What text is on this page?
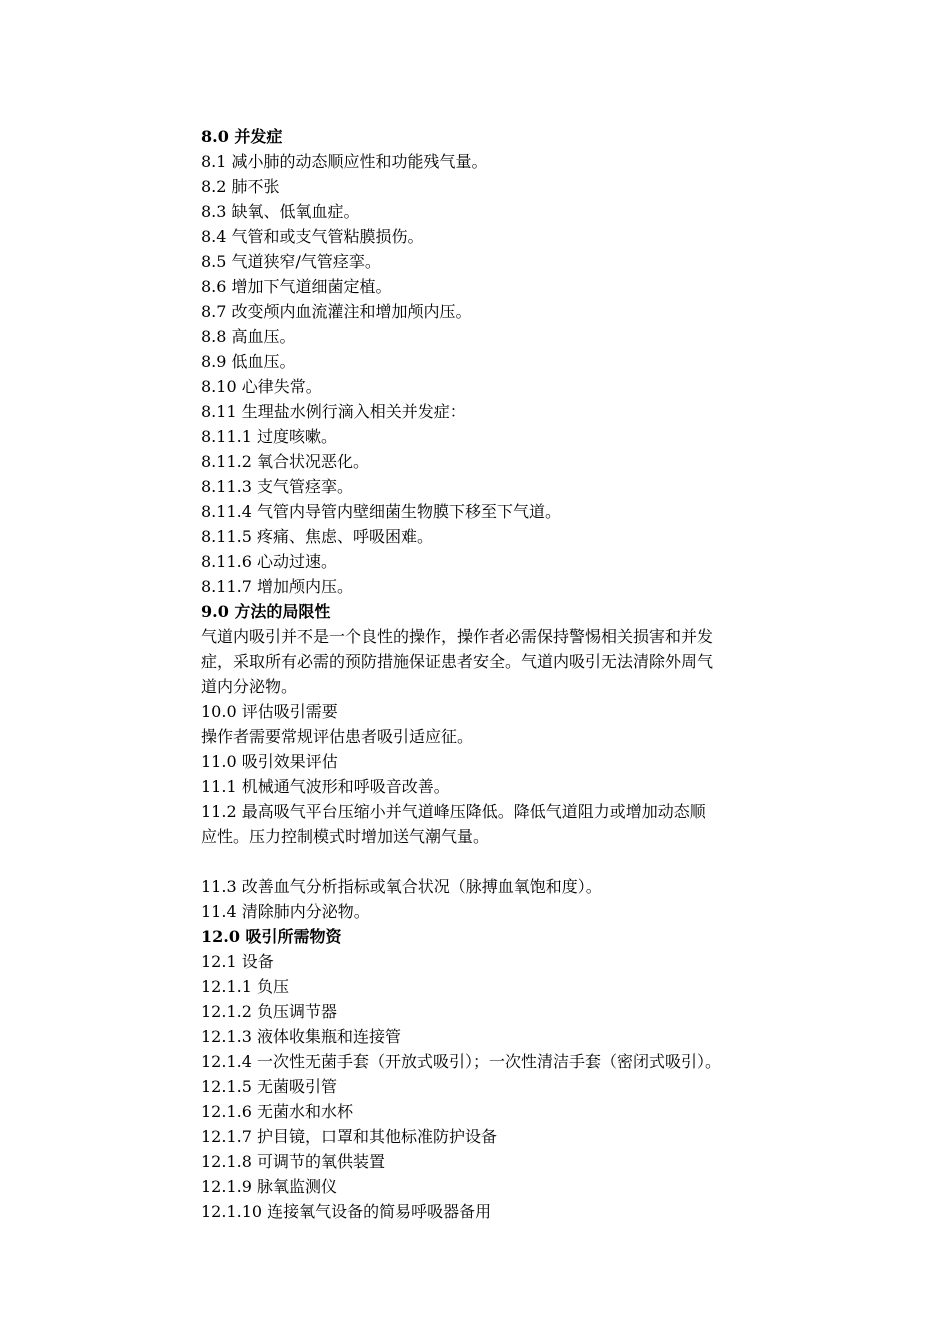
8.0 并发症
8.1 减小肺的动态顺应性和功能残气量。
8.2 肺不张
8.3 缺氧、低氧血症。
8.4 气管和或支气管粘膜损伤。
8.5 气道狭窄/气管痉挛。
8.6 增加下气道细菌定植。
8.7 改变颅内血流灌注和增加颅内压。
8.8 高血压。
8.9 低血压。
8.10 心律失常。
8.11 生理盐水例行滴入相关并发症：
8.11.1 过度咳嗽。
8.11.2 氧合状况恶化。
8.11.3 支气管痉挛。
8.11.4 气管内导管内壁细菌生物膜下移至下气道。
8.11.5 疼痛、焦虑、呼吸困难。
8.11.6 心动过速。
8.11.7 增加颅内压。
9.0 方法的局限性
气道内吸引并不是一个良性的操作，操作者必需保持警惕相关损害和并发
症，采取所有必需的预防措施保证患者安全。气道内吸引无法清除外周气
道内分泌物。
10.0 评估吸引需要
操作者需要常规评估患者吸引适应征。
11.0 吸引效果评估
11.1 机械通气波形和呼吸音改善。
11.2 最高吸气平台压缩小并气道峰压降低。降低气道阻力或增加动态顺
应性。压力控制模式时增加送气潮气量。
11.3 改善血气分析指标或氧合状况（脉搏血氧饱和度）。
11.4 清除肺内分泌物。
12.0 吸引所需物资
12.1 设备
12.1.1 负压
12.1.2 负压调节器
12.1.3 液体收集瓶和连接管
12.1.4 一次性无菌手套（开放式吸引）；一次性清洁手套（密闭式吸引）。
12.1.5 无菌吸引管
12.1.6 无菌水和水杯
12.1.7 护目镜，口罩和其他标准防护设备
12.1.8 可调节的氧供装置
12.1.9 脉氧监测仪
12.1.10 连接氧气设备的简易呼吸器备用
